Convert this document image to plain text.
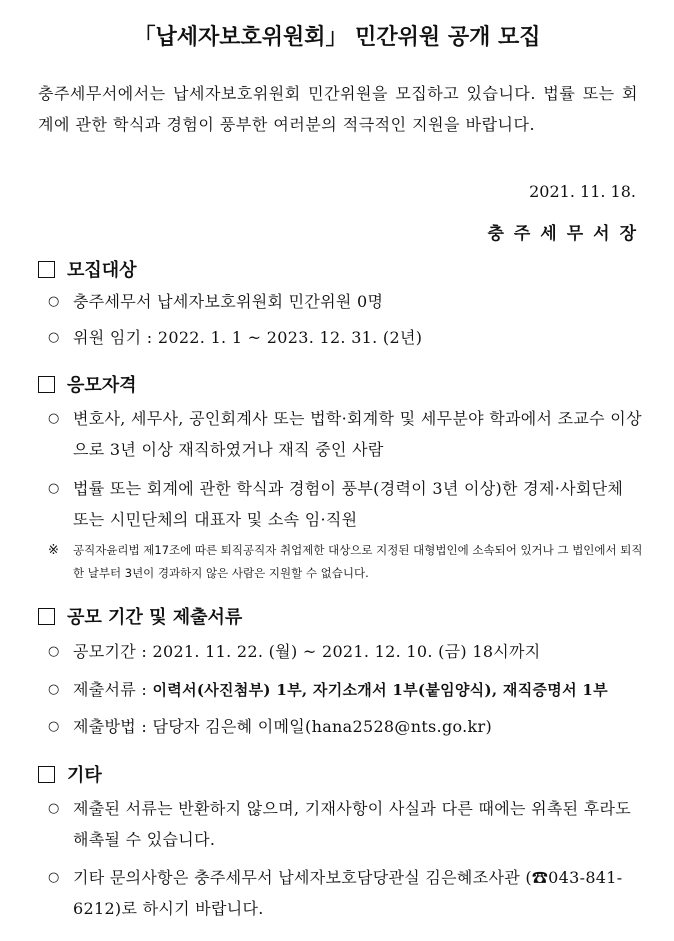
「납세자보호위원회」 민간위원 공개 모집
충주세무서에서는 납세자보호위원회 민간위원을 모집하고 있습니다. 법률 또는 회계에 관한 학식과 경험이 풍부한 여러분의 적극적인 지원을 바랍니다.
2021. 11. 18.
충주세무서장
모집대상
○ 충주세무서 납세자보호위원회 민간위원 0명
○ 위원 임기 : 2022. 1. 1 ~ 2023. 12. 31. (2년)
응모자격
○ 변호사, 세무사, 공인회계사 또는 법학·회계학 및 세무분야 학과에서 조교수 이상으로 3년 이상 재직하였거나 재직 중인 사람
○ 법률 또는 회계에 관한 학식과 경험이 풍부(경력이 3년 이상)한 경제·사회단체 또는 시민단체의 대표자 및 소속 임·직원
※	공직자윤리법 제17조에 따른 퇴직공직자 취업제한 대상으로 지정된 대형법인에 소속되어 있거나 그 법인에서 퇴직한 날부터 3년이 경과하지 않은 사람은 지원할 수 없습니다.
공모 기간 및 제출서류
○ 공모기간 : 2021. 11. 22. (월) ~ 2021. 12. 10. (금) 18시까지
○ 제출서류 : 이력서(사진첨부) 1부, 자기소개서 1부(붙임양식), 재직증명서 1부
○ 제출방법 : 담당자 김은혜 이메일(hana2528@nts.go.kr)
기타
○ 제출된 서류는 반환하지 않으며, 기재사항이 사실과 다른 때에는 위촉된 후라도 해촉될 수 있습니다.
○ 기타 문의사항은 충주세무서 납세자보호담당관실 김은혜조사관 (☎043-841-6212)로 하시기 바랍니다.
